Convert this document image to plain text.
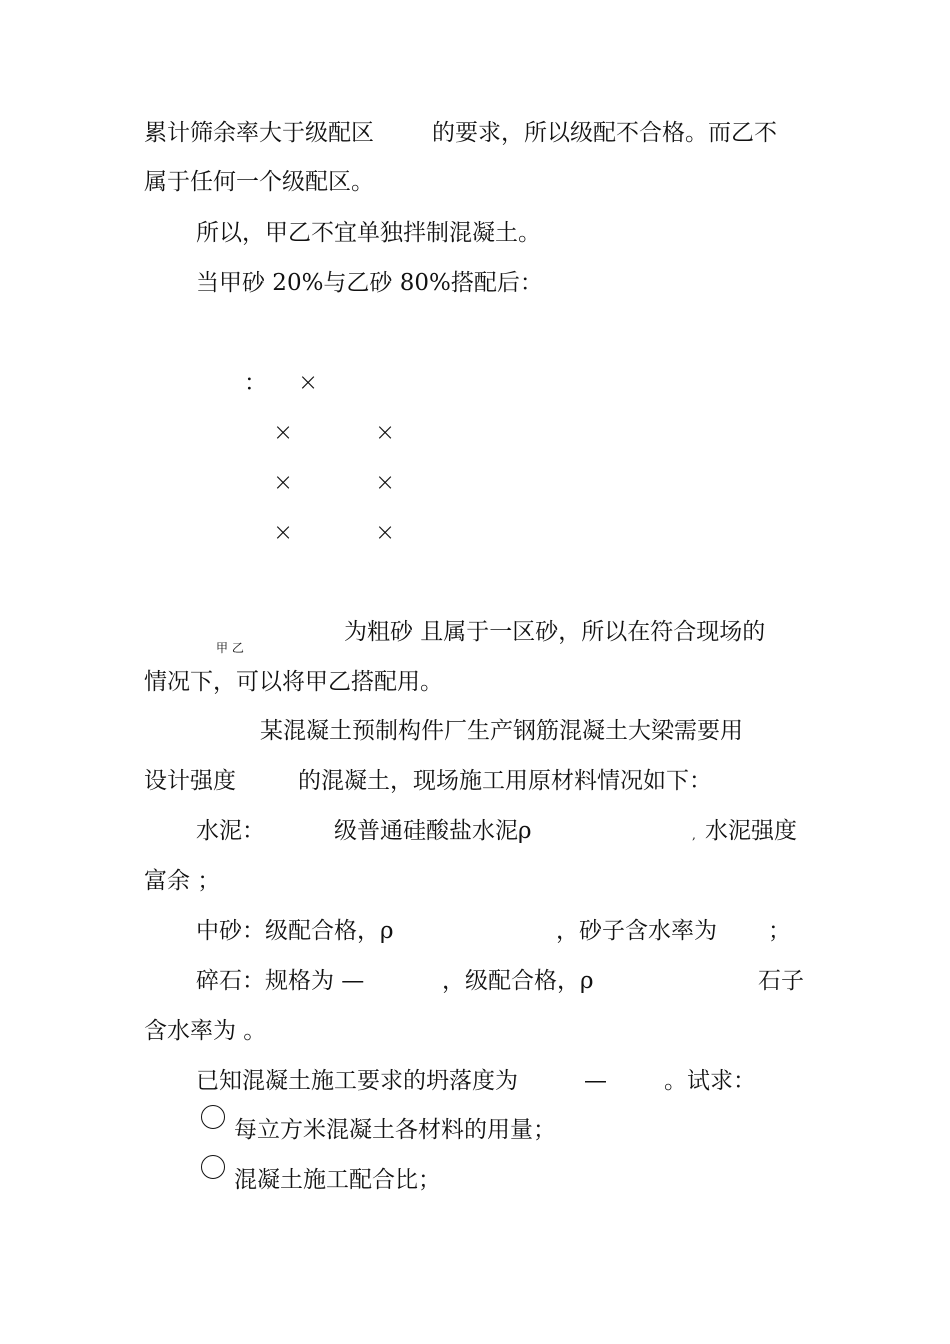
累计筛余率大于级配区	的要求，所以级配不合格。而乙不
属于任何一个级配区。
所以，甲乙不宜单独拌制混凝土。
当甲砂 20%与乙砂 80%搭配后：
： ×
×	×
×	×
×	×
为粗砂 且属于一区砂，所以在符合现场的
甲 乙
情况下，可以将甲乙搭配用。
某混凝土预制构件厂生产钢筋混凝土大梁需要用
设计强度	的混凝土，现场施工用原材料情况如下：
水泥：	级普通硅酸盐水泥ρ	, 水泥强度
富余 ；
中砂：级配合格，ρ	，砂子含水率为 ；
碎石：规格为 —	，级配合格，ρ	石子
含水率为 。
已知混凝土施工要求的坍落度为	— 。试求：
每立方米混凝土各材料的用量；
混凝土施工配合比；
